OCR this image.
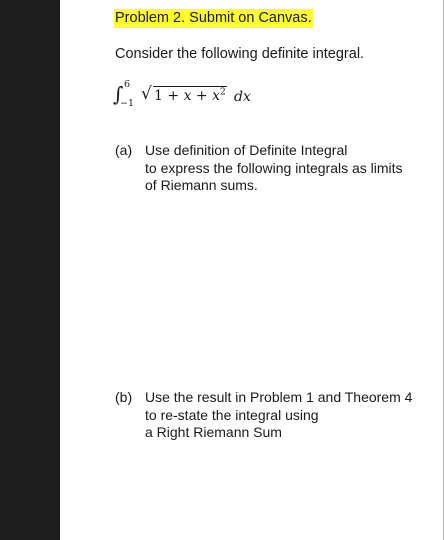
Problem 2. Submit on Canvas.
Consider the following definite integral.
∫ 6
−1 √ $1 + x + x^2$ dx
(a) Use definition of Definite Integral
to express the following integrals as limits
of Riemann sums.
(b) Use the result in Problem 1 and Theorem 4
to re-state the integral using
a Right Riemann Sum
